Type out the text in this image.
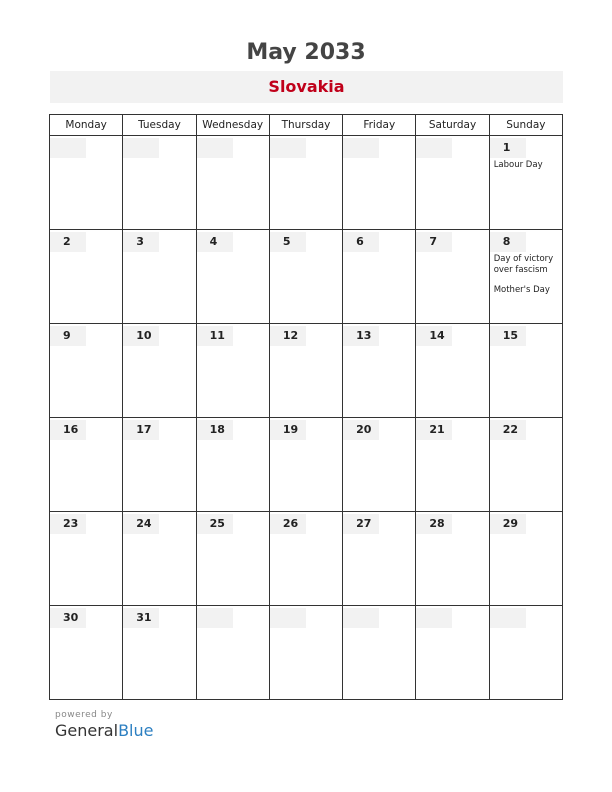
May 2033
Slovakia
Monday	Tuesday	Wednesday	Thursday	Friday	Saturday	Sunday

						1
Labour Day

2	3	4	5	6	7	8
Day of victory over fascism
Mother's Day

9	10	11	12	13	14	15

16	17	18	19	20	21	22

23	24	25	26	27	28	29

30	31					

powered by
GeneralBlue
